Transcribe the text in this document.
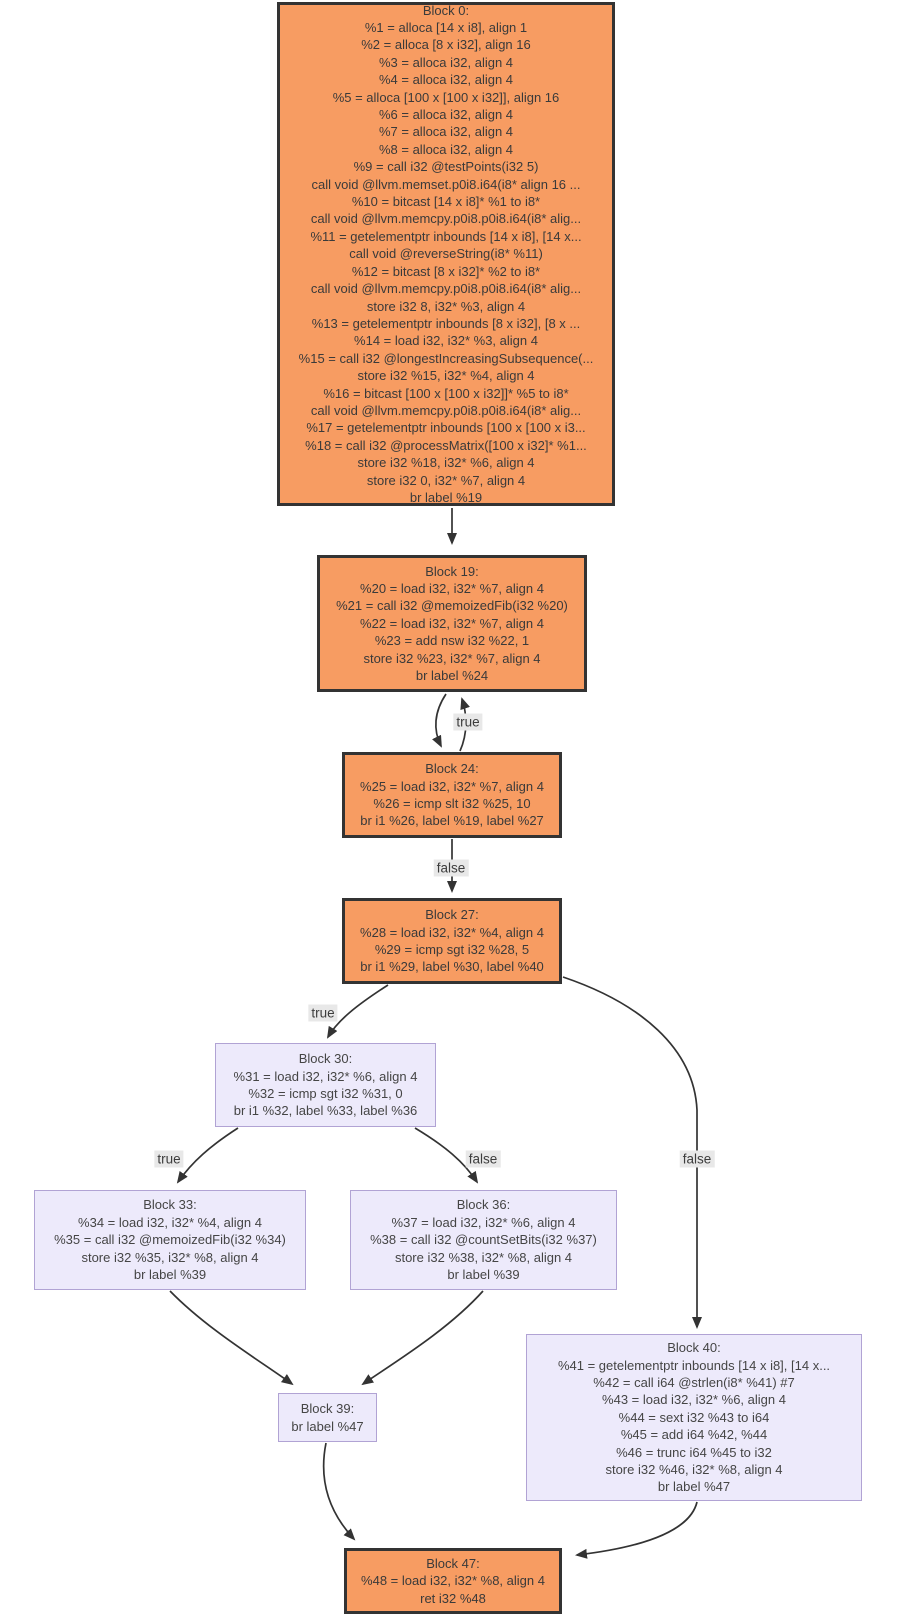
Block 0:
%1 = alloca [14 x i8], align 1
%2 = alloca [8 x i32], align 16
%3 = alloca i32, align 4
%4 = alloca i32, align 4
%5 = alloca [100 x [100 x i32]], align 16
%6 = alloca i32, align 4
%7 = alloca i32, align 4
%8 = alloca i32, align 4
%9 = call i32 @testPoints(i32 5)
call void @llvm.memset.p0i8.i64(i8* align 16 ...
%10 = bitcast [14 x i8]* %1 to i8*
call void @llvm.memcpy.p0i8.p0i8.i64(i8* alig...
%11 = getelementptr inbounds [14 x i8], [14 x...
call void @reverseString(i8* %11)
%12 = bitcast [8 x i32]* %2 to i8*
call void @llvm.memcpy.p0i8.p0i8.i64(i8* alig...
store i32 8, i32* %3, align 4
%13 = getelementptr inbounds [8 x i32], [8 x ...
%14 = load i32, i32* %3, align 4
%15 = call i32 @longestIncreasingSubsequence(...
store i32 %15, i32* %4, align 4
%16 = bitcast [100 x [100 x i32]]* %5 to i8*
call void @llvm.memcpy.p0i8.p0i8.i64(i8* alig...
%17 = getelementptr inbounds [100 x [100 x i3...
%18 = call i32 @processMatrix([100 x i32]* %1...
store i32 %18, i32* %6, align 4
store i32 0, i32* %7, align 4
br label %19
Block 19:
%20 = load i32, i32* %7, align 4
%21 = call i32 @memoizedFib(i32 %20)
%22 = load i32, i32* %7, align 4
%23 = add nsw i32 %22, 1
store i32 %23, i32* %7, align 4
br label %24
Block 24:
%25 = load i32, i32* %7, align 4
%26 = icmp slt i32 %25, 10
br i1 %26, label %19, label %27
Block 27:
%28 = load i32, i32* %4, align 4
%29 = icmp sgt i32 %28, 5
br i1 %29, label %30, label %40
Block 30:
%31 = load i32, i32* %6, align 4
%32 = icmp sgt i32 %31, 0
br i1 %32, label %33, label %36
Block 33:
%34 = load i32, i32* %4, align 4
%35 = call i32 @memoizedFib(i32 %34)
store i32 %35, i32* %8, align 4
br label %39
Block 36:
%37 = load i32, i32* %6, align 4
%38 = call i32 @countSetBits(i32 %37)
store i32 %38, i32* %8, align 4
br label %39
Block 40:
%41 = getelementptr inbounds [14 x i8], [14 x...
%42 = call i64 @strlen(i8* %41) #7
%43 = load i32, i32* %6, align 4
%44 = sext i32 %43 to i64
%45 = add i64 %42, %44
%46 = trunc i64 %45 to i32
store i32 %46, i32* %8, align 4
br label %47
Block 39:
br label %47
Block 47:
%48 = load i32, i32* %8, align 4
ret i32 %48
true
false
true
true	false	false
